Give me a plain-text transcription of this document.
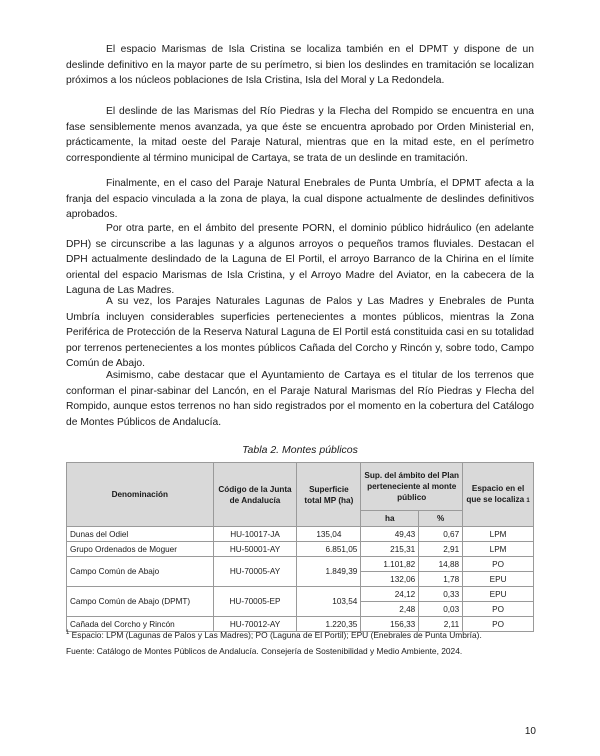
El espacio Marismas de Isla Cristina se localiza también en el DPMT y dispone de un deslinde definitivo en la mayor parte de su perímetro, si bien los deslindes en tramitación se localizan próximos a los núcleos poblaciones de Isla Cristina, Isla del Moral y La Redondela.

El deslinde de las Marismas del Río Piedras y la Flecha del Rompido se encuentra en una fase sensiblemente menos avanzada, ya que éste se encuentra aprobado por Orden Ministerial en, prácticamente, la mitad oeste del Paraje Natural, mientras que en la mitad este, en el perímetro correspondiente al término municipal de Cartaya, se trata de un deslinde en tramitación.

Finalmente, en el caso del Paraje Natural Enebrales de Punta Umbría, el DPMT afecta a la franja del espacio vinculada a la zona de playa, la cual dispone actualmente de deslindes definitivos aprobados.

Por otra parte, en el ámbito del presente PORN, el dominio público hidráulico (en adelante DPH) se circunscribe a las lagunas y a algunos arroyos o pequeños tramos fluviales. Destacan el DPH actualmente deslindado de la Laguna de El Portil, el arroyo Barranco de la Chirina en el límite oriental del espacio Marismas de Isla Cristina, y el Arroyo Madre del Aviator, en la cabecera de la Laguna de Las Madres.

A su vez, los Parajes Naturales Lagunas de Palos y Las Madres y Enebrales de Punta Umbría incluyen considerables superficies pertenecientes a montes públicos, mientras la Zona Periférica de Protección de la Reserva Natural Laguna de El Portil está constituida casi en su totalidad por terrenos pertenecientes a los montes públicos Cañada del Corcho y Rincón y, sobre todo, Campo Común de Abajo.

Asimismo, cabe destacar que el Ayuntamiento de Cartaya es el titular de los terrenos que conforman el pinar-sabinar del Lancón, en el Paraje Natural Marismas del Río Piedras y Flecha del Rompido, aunque estos terrenos no han sido registrados por el momento en la cobertura del Catálogo de Montes Públicos de Andalucía.

Tabla 2. Montes públicos

Denominación	Código de la Junta de Andalucía	Superficie total MP (ha)	Sup. del ámbito del Plan perteneciente al monte público		Espacio en el que se localiza 1
			ha	%	
Dunas del Odiel	HU-10017-JA	135,04	49,43	0,67	LPM
Grupo Ordenados de Moguer	HU-50001-AY	6.851,05	215,31	2,91	LPM
Campo Común de Abajo	HU-70005-AY	1.849,39	1.101,82	14,88	PO
			132,06	1,78	EPU
Campo Común de Abajo (DPMT)	HU-70005-EP	103,54	24,12	0,33	EPU
			2,48	0,03	PO
Cañada del Corcho y Rincón	HU-70012-AY	1.220,35	156,33	2,11	PO

$^1$ Espacio: LPM (Lagunas de Palos y Las Madres); PO (Laguna de El Portil); EPU (Enebrales de Punta Umbría).

Fuente: Catálogo de Montes Públicos de Andalucía. Consejería de Sostenibilidad y Medio Ambiente, 2024.

10
